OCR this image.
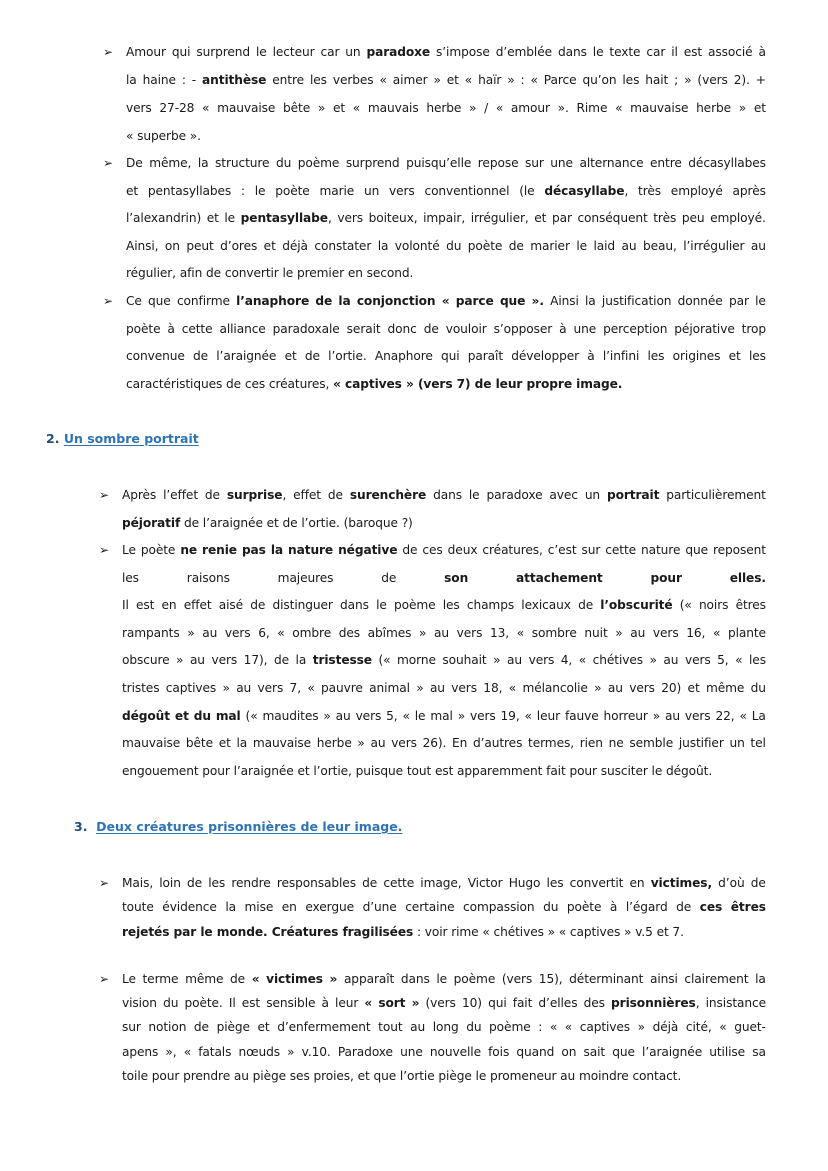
➢ Amour qui surprend le lecteur car un paradoxe s’impose d’emblée dans le texte car il est associé à
la haine : - antithèse entre les verbes « aimer » et « haïr » : « Parce qu’on les hait ; » (vers 2). +
vers 27-28 « mauvaise bête » et « mauvais herbe » / « amour ». Rime « mauvaise herbe » et
« superbe ».
➢ De même, la structure du poème surprend puisqu’elle repose sur une alternance entre décasyllabes
et pentasyllabes : le poète marie un vers conventionnel (le décasyllabe, très employé après
l’alexandrin) et le pentasyllabe, vers boiteux, impair, irrégulier, et par conséquent très peu employé.
Ainsi, on peut d’ores et déjà constater la volonté du poète de marier le laid au beau, l’irrégulier au
régulier, afin de convertir le premier en second.
➢ Ce que confirme l’anaphore de la conjonction « parce que ». Ainsi la justification donnée par le
poète à cette alliance paradoxale serait donc de vouloir s’opposer à une perception péjorative trop
convenue de l’araignée et de l’ortie. Anaphore qui paraît développer à l’infini les origines et les
caractéristiques de ces créatures, « captives » (vers 7) de leur propre image.
2. Un sombre portrait
➢ Après l’effet de surprise, effet de surenchère dans le paradoxe avec un portrait particulièrement
péjoratif de l’araignée et de l’ortie. (baroque ?)
➢ Le poète ne renie pas la nature négative de ces deux créatures, c’est sur cette nature que reposent
les	raisons	majeures	de	son	attachement	pour	elles.
Il est en effet aisé de distinguer dans le poème les champs lexicaux de l’obscurité (« noirs êtres
rampants » au vers 6, « ombre des abîmes » au vers 13, « sombre nuit » au vers 16, « plante
obscure » au vers 17), de la tristesse (« morne souhait » au vers 4, « chétives » au vers 5, « les
tristes captives » au vers 7, « pauvre animal » au vers 18, « mélancolie » au vers 20) et même du
dégoût et du mal (« maudites » au vers 5, « le mal » vers 19, « leur fauve horreur » au vers 22, « La
mauvaise bête et la mauvaise herbe » au vers 26). En d’autres termes, rien ne semble justifier un tel
engouement pour l’araignée et l’ortie, puisque tout est apparemment fait pour susciter le dégoût.
3. Deux créatures prisonnières de leur image.
➢ Mais, loin de les rendre responsables de cette image, Victor Hugo les convertit en victimes, d’où de
toute évidence la mise en exergue d’une certaine compassion du poète à l’égard de ces êtres
rejetés par le monde. Créatures fragilisées : voir rime « chétives » « captives » v.5 et 7.
➢ Le terme même de « victimes » apparaît dans le poème (vers 15), déterminant ainsi clairement la
vision du poète. Il est sensible à leur « sort » (vers 10) qui fait d’elles des prisonnières, insistance
sur notion de piège et d’enfermement tout au long du poème : « « captives » déjà cité, « guet-
apens », « fatals nœuds » v.10. Paradoxe une nouvelle fois quand on sait que l’araignée utilise sa
toile pour prendre au piège ses proies, et que l’ortie piège le promeneur au moindre contact.
